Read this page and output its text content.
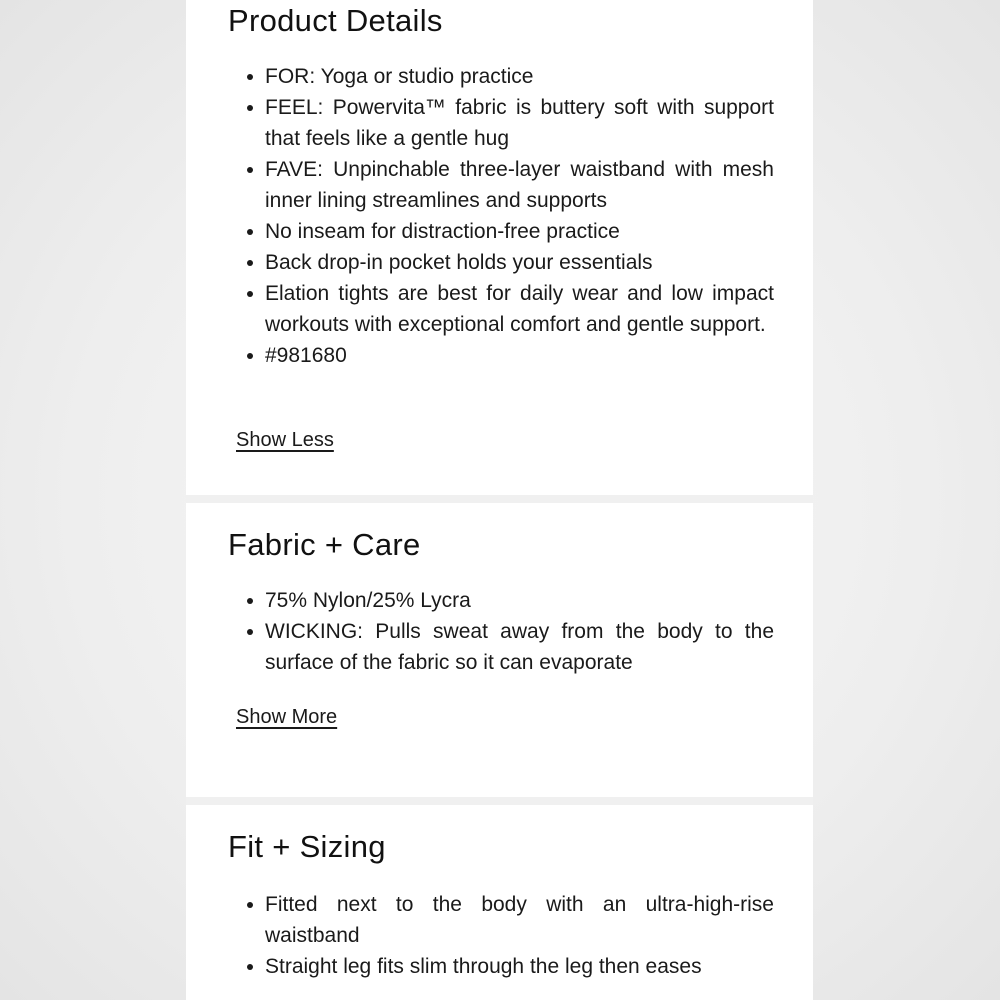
Product Details
FOR: Yoga or studio practice
FEEL: Powervita™ fabric is buttery soft with support that feels like a gentle hug
FAVE: Unpinchable three-layer waistband with mesh inner lining streamlines and supports
No inseam for distraction-free practice
Back drop-in pocket holds your essentials
Elation tights are best for daily wear and low impact workouts with exceptional comfort and gentle support.
#981680
Show Less
Fabric + Care
75% Nylon/25% Lycra
WICKING: Pulls sweat away from the body to the surface of the fabric so it can evaporate
Show More
Fit + Sizing
Fitted next to the body with an ultra-high-rise waistband
Straight leg fits slim through the leg then eases
